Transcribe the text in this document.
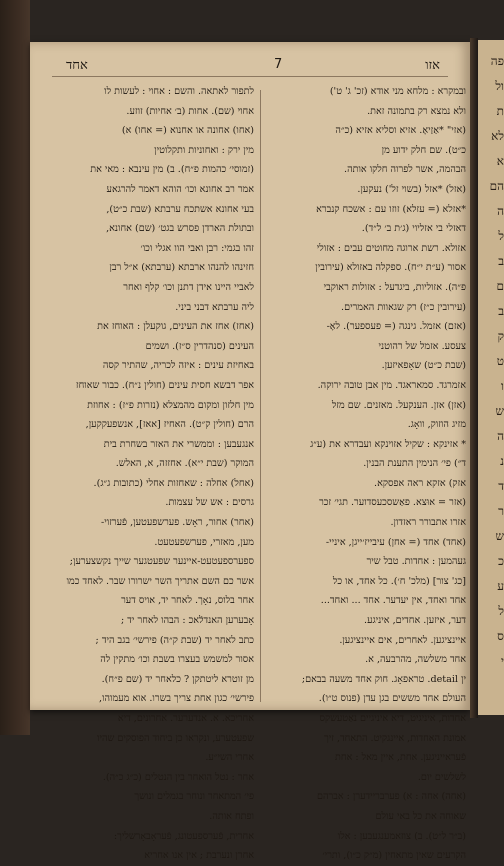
אחד	7	אזו
ובמקרא : מלחא מני אודא (זכ' ג' ט')
ולא נמצא רק בתמונה זאת.
(אזי" *אַזַיאָ. אזיא וסליא אזיא (כ״ה
כ״ט). שם חלק ידוע מן
הבהמה, אשר לפרוה חלקו אותה.
(אזל) *אזל (בשוי זל') נעקען.
*אזלא (= עזלא) זוזו עם : אשכח קנברא
דאזלי בי אזליוי (ג׳ת ב׳ ל״ד).
אזולא. רשת ארוגה מחוטים עבים : אזולי
אסור (ע״ת י״ח). ספקלה באזולא (עירובין
פ״ה). אזוליות, ביגדעל : אזולות ראוקבי
(עירובין כ״ז) רק שגאוות האמרים.
(אזם) אזמל. גינגה (= פעספער). לאָ-
צעסע. אזמל של רהוטני
(שבת כ״ט) שאָפאיזען.
אזמרגד. סמאראגד. מין אבן טובה ירוקה.
(אזן) אזן. הענקעל. מאזנים. שם מזל
מזיג הוזוק, וואָג.
* אזינקא : שקיל אזוינקא ועבדרא את (ע״ג
ד״) פי׳ הנימין התענת הבנין.
אזק) אזקא ראה אפסקא.
(אזר = אוּצא. פאַשסכעסדוער. תגי׳ זכר
אזרו אתבורר ראזדון.
(אחד) אחד (= אחן) עיבייז׳ייגן, איניי-
געהמען : אחדות. טבל שיר
[כג' צור] (מלכ' ח׳). כל אחד, או כל
אחד ואחד, אין יעדער. אחד ... ואחד...
דער, איזען. אחדים, איניגע.
איינציגען. לאחרים, אים איינציגען.
אחד משלשה, מהרבעה, א.
ין detail. טראפאָג. חוק אחד משעה בבאם;
העולם אחד מששים בגן עדן (פנוס ט״ו).
אחדות, איניגיט, דיא איניגיים נאַטעשקס
אמונת האחדות, איינגקיט. התאחד, זיך
פֿעראייניגען. אחת, איין מאל : אחת
לשלשים יום.
(אחה) אחה : א) פערבריידערן : אברהם
שאוחה את כל באי עולם
(ב״ר ל״ט). ב) צוזאמענגעבען : אלו
הקרעים שאין מתאחין (מ״ק כ״ו), ותרי׳
לתפור לאתאה. והשם : אחוי : לעשות לו
אחוי (שם). אחות (ב׳ אחיות) זוזע.
(אחו) אחונה או אחנוא (= אחו) א)
מין ירק : ואחוניות ותקלוטין
(זמוסי׳ כהמות פ״ח). ב) מין עינבא : מאי את
אמר רב אחונא וכו׳ הוהא דאמר להרגאע
בעי אחונא אשתכח ערבתא (שבת כ״ט),
ובתולת הארדן פסרש בגט׳ (שם) אחונא,
זהו בגמי: רבן ואבי הוו אגלי וכו׳
חזינהו להנהו ארבתא (ערבתא) א״ל רבן
לאביי היינו אידן דתנן וכו׳ קלף ואחר
ליה ערבתא דבני ביני.
(אחז) אחז את העינים, גוקעלן : האוחז את
העינים (סנהדרין ס״ז). ושמים
באחיזת עינים : איזה לכריה, שהתיר קסה
אפר דבשא חסית עינים (חולין נ״ח). כבור שאוחז
מין חלזון ומקום מהמצלא (נזרות פ״ז) : אחוזת
הרם (חולין ק״ט). האחיז [אאז], אנשפעקקען,
אנגעבען : וממשרי את האזר בשחרת בית
המוקר (שבת י״א). אחזזה, א, האלש.
(אחל) אחלה : שאחזות אחלי (כתובות ג״ג).
גרסים : אש של עצמות.
(אחר) אחור, ראָש. פערשפעטען, פֿערזוי-
מען, מאזרי, פערשפעטעט.
ספערספעטעט-איינער שפעטגער שייך נקשצערען;
אשר כם השם אתריך השר ישרורו שבר. לאחד כמו
אחר בלוס, נאָך. לאחר יד, אויס דער
אָבערען האנדלֿאכ : הבהו לאחר יד ;
כתב לאחר יד (שבת ק״ה) פירשי׳ בגב היד ;
אסור למשמש בעצרו בשבת וכו׳ מתקין לה
מן זוטרא ליטתקן ? כלאחר יד (שם פ״ח).
פירשי׳ כגון אחת צריך בשרו. אוא מעמוהו,
אחריכא. א. אנדערער. אחרונים, דיא
שפעטערע, ונקראו כן ביחוד הפוסקים שהיו
אחרי השי״ע.
אחר : נטל הואחר בין הנטלים (כ״ג כ״ה).
פי׳ המתאחר ונוחר בגמלים ונושך
ופתח אותה.
אחרית, פֿערספעטונג, פֿעראָבאָרשליך:
אחרן ונערבת ; אין אנו אחריא
פה
ול
ת
לא
א
הם
ה
ל
ב
ם
ב
ק
ט
ו
ש
ה
נ
ד
ר
ש
כ
ע
ל
ס
י
